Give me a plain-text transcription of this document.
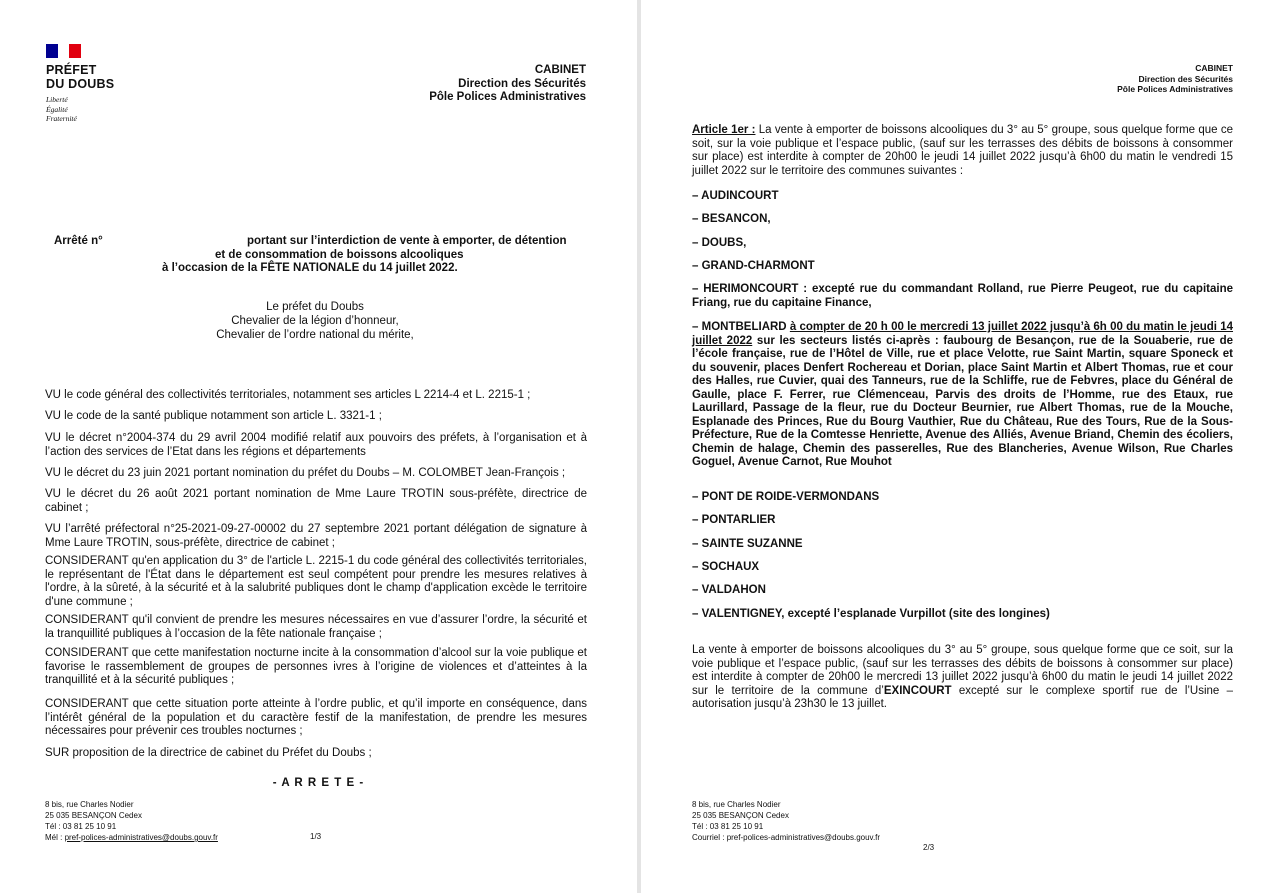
PRÉFET
DU DOUBS
Liberté
Égalité
Fraternité
CABINET
Direction des Sécurités
Pôle Polices Administratives
Arrêté n°	portant sur l’interdiction de vente à emporter, de détention
et de consommation de boissons alcooliques
à l’occasion de la FÊTE NATIONALE du 14 juillet 2022.
Le préfet du Doubs
Chevalier de la légion d’honneur,
Chevalier de l’ordre national du mérite,
VU le code général des collectivités territoriales, notamment ses articles L 2214-4 et L. 2215-1 ;
VU le code de la santé publique notamment son article L. 3321-1 ;
VU le décret n°2004-374 du 29 avril 2004 modifié relatif aux pouvoirs des préfets, à l’organisation et à l’action des services de l’Etat dans les régions et départements
VU le décret du 23 juin 2021 portant nomination du préfet du Doubs – M. COLOMBET Jean-François ;
VU le décret du 26 août 2021 portant nomination de Mme Laure TROTIN sous-préfète, directrice de cabinet ;
VU l’arrêté préfectoral n°25-2021-09-27-00002 du 27 septembre 2021 portant délégation de signature à Mme Laure TROTIN, sous-préfète, directrice de cabinet ;
CONSIDERANT qu'en application du 3° de l'article L. 2215-1 du code général des collectivités territoriales, le représentant de l'État dans le département est seul compétent pour prendre les mesures relatives à l'ordre, à la sûreté, à la sécurité et à la salubrité publiques dont le champ d'application excède le territoire d'une commune ;
CONSIDERANT qu'il convient de prendre les mesures nécessaires en vue d’assurer l’ordre, la sécurité et la tranquillité publiques à l’occasion de la fête nationale française ;
CONSIDERANT que cette manifestation nocturne incite à la consommation d’alcool sur la voie publique et favorise le rassemblement de groupes de personnes ivres à l’origine de violences et d’atteintes à la tranquillité et à la sécurité publiques ;
CONSIDERANT que cette situation porte atteinte à l’ordre public, et qu’il importe en conséquence, dans l’intérêt général de la population et du caractère festif de la manifestation, de prendre les mesures nécessaires pour prévenir ces troubles nocturnes ;
SUR proposition de la directrice de cabinet du Préfet du Doubs ;
- A R R E T E -
8 bis, rue Charles Nodier
25 035 BESANÇON Cedex
Tél : 03 81 25 10 91
Mél : pref-polices-administratives@doubs.gouv.fr	1/3
CABINET
Direction des Sécurités
Pôle Polices Administratives
Article 1er : La vente à emporter de boissons alcooliques du 3° au 5° groupe, sous quelque forme que ce soit, sur la voie publique et l’espace public, (sauf sur les terrasses des débits de boissons à consommer sur place) est interdite à compter de 20h00 le jeudi 14 juillet 2022 jusqu’à 6h00 du matin le vendredi 15 juillet 2022 sur le territoire des communes suivantes :
– AUDINCOURT
– BESANCON,
– DOUBS,
– GRAND-CHARMONT
– HERIMONCOURT : excepté rue du commandant Rolland, rue Pierre Peugeot, rue du capitaine Friang, rue du capitaine Finance,
– MONTBELIARD à compter de 20 h 00 le mercredi 13 juillet 2022 jusqu’à 6h 00 du matin le jeudi 14 juillet 2022 sur les secteurs listés ci-après : faubourg de Besançon, rue de la Souaberie, rue de l’école française, rue de l’Hôtel de Ville, rue et place Velotte, rue Saint Martin, square Sponeck et du souvenir, places Denfert Rochereau et Dorian, place Saint Martin et Albert Thomas, rue et cour des Halles, rue Cuvier, quai des Tanneurs, rue de la Schliffe, rue de Febvres, place du Général de Gaulle, place F. Ferrer, rue Clémenceau, Parvis des droits de l’Homme, rue des Etaux, rue Laurillard, Passage de la fleur, rue du Docteur Beurnier, rue Albert Thomas, rue de la Mouche, Esplanade des Princes, Rue du Bourg Vauthier, Rue du Château, Rue des Tours, Rue de la Sous-Préfecture, Rue de la Comtesse Henriette, Avenue des Alliés, Avenue Briand, Chemin des écoliers, Chemin de halage, Chemin des passerelles, Rue des Blancheries, Avenue Wilson, Rue Charles Goguel, Avenue Carnot, Rue Mouhot
– PONT DE ROIDE-VERMONDANS
– PONTARLIER
– SAINTE SUZANNE
– SOCHAUX
– VALDAHON
– VALENTIGNEY, excepté l’esplanade Vurpillot (site des longines)
La vente à emporter de boissons alcooliques du 3° au 5° groupe, sous quelque forme que ce soit, sur la voie publique et l’espace public, (sauf sur les terrasses des débits de boissons à consommer sur place) est interdite à compter de 20h00 le mercredi 13 juillet 2022 jusqu’à 6h00 du matin le jeudi 14 juillet 2022 sur le territoire de la commune d’EXINCOURT excepté sur le complexe sportif rue de l’Usine – autorisation jusqu’à 23h30 le 13 juillet.
8 bis, rue Charles Nodier
25 035 BESANÇON Cedex
Tél : 03 81 25 10 91
Courriel : pref-polices-administratives@doubs.gouv.fr
2/3
